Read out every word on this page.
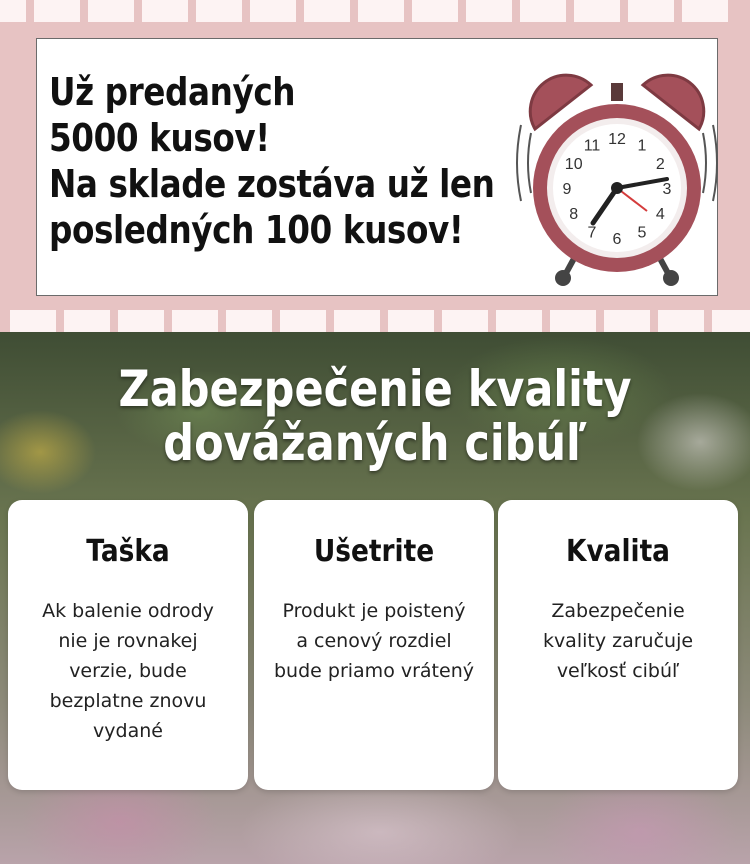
Už predaných
5000 kusov!
Na sklade zostáva už len
posledných 100 kusov!
12 1
2
3
4
5
6
7
8
9
10
11
Zabezpečenie kvality
dovážaných cibúľ
Taška
Ak balenie odrody nie je rovnakej verzie, bude bezplatne znovu vydané
Ušetrite
Produkt je poistený a cenový rozdiel bude priamo vrátený
Kvalita
Zabezpečenie kvality zaručuje veľkosť cibúľ
